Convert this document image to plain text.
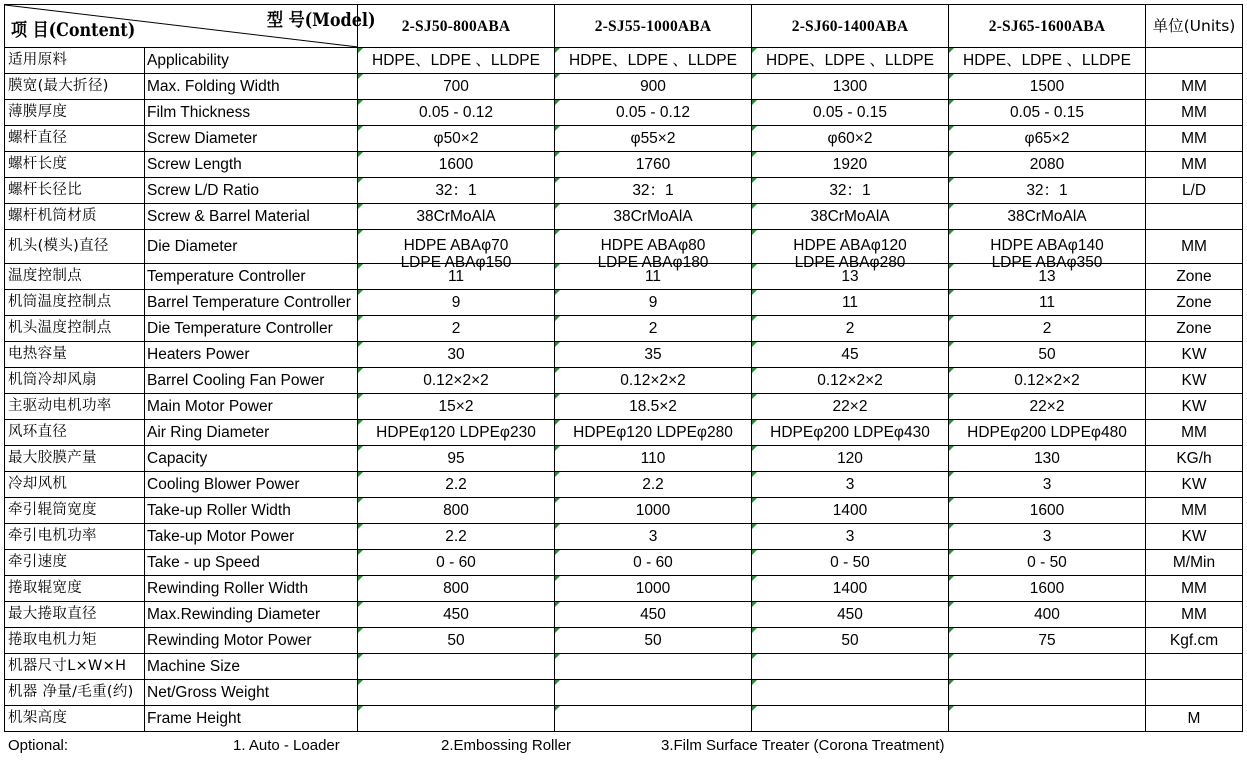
项 目(Content) 型 号(Model)		2-SJ50-800ABA	2-SJ55-1000ABA	2-SJ60-1400ABA	2-SJ65-1600ABA	单位(Units)
适用原料	Applicability	HDPE、LDPE 、LLDPE	HDPE、LDPE 、LLDPE	HDPE、LDPE 、LLDPE	HDPE、LDPE 、LLDPE	
膜宽(最大折径)	Max. Folding Width	700	900	1300	1500	MM
薄膜厚度	Film Thickness	0.05 - 0.12	0.05 - 0.12	0.05 - 0.15	0.05 - 0.15	MM
螺杆直径	Screw Diameter	φ50×2	φ55×2	φ60×2	φ65×2	MM
螺杆长度	Screw Length	1600	1760	1920	2080	MM
螺杆长径比	Screw L/D Ratio	32：1	32：1	32：1	32：1	L/D
螺杆机筒材质	Screw & Barrel Material	38CrMoAlA	38CrMoAlA	38CrMoAlA	38CrMoAlA	
机头(模头)直径	Die Diameter	HDPE ABAφ70
LDPE ABAφ150	HDPE ABAφ80
LDPE ABAφ180	HDPE ABAφ120
LDPE ABAφ280	HDPE ABAφ140
LDPE ABAφ350	MM
温度控制点	Temperature Controller	11	11	13	13	Zone
机筒温度控制点	Barrel Temperature Controller	9	9	11	11	Zone
机头温度控制点	Die Temperature Controller	2	2	2	2	Zone
电热容量	Heaters Power	30	35	45	50	KW
机筒冷却风扇	Barrel Cooling Fan Power	0.12×2×2	0.12×2×2	0.12×2×2	0.12×2×2	KW
主驱动电机功率	Main Motor Power	15×2	18.5×2	22×2	22×2	KW
风环直径	Air Ring Diameter	HDPEφ120 LDPEφ230	HDPEφ120 LDPEφ280	HDPEφ200 LDPEφ430	HDPEφ200 LDPEφ480	MM
最大胶膜产量	Capacity	95	110	120	130	KG/h
冷却风机	Cooling Blower Power	2.2	2.2	3	3	KW
牵引辊筒宽度	Take-up Roller Width	800	1000	1400	1600	MM
牵引电机功率	Take-up Motor Power	2.2	3	3	3	KW
牵引速度	Take - up Speed	0 - 60	0 - 60	0 - 50	0 - 50	M/Min
捲取辊宽度	Rewinding Roller Width	800	1000	1400	1600	MM
最大捲取直径	Max.Rewinding Diameter	450	450	450	400	MM
捲取电机力矩	Rewinding Motor Power	50	50	50	75	Kgf.cm
机器尺寸L×W×H	Machine Size					
机器 净量/毛重(约)	Net/Gross Weight					
机架高度	Frame Height					M
Optional:	1. Auto - Loader	2.Embossing Roller	3.Film Surface Treater (Corona Treatment)
